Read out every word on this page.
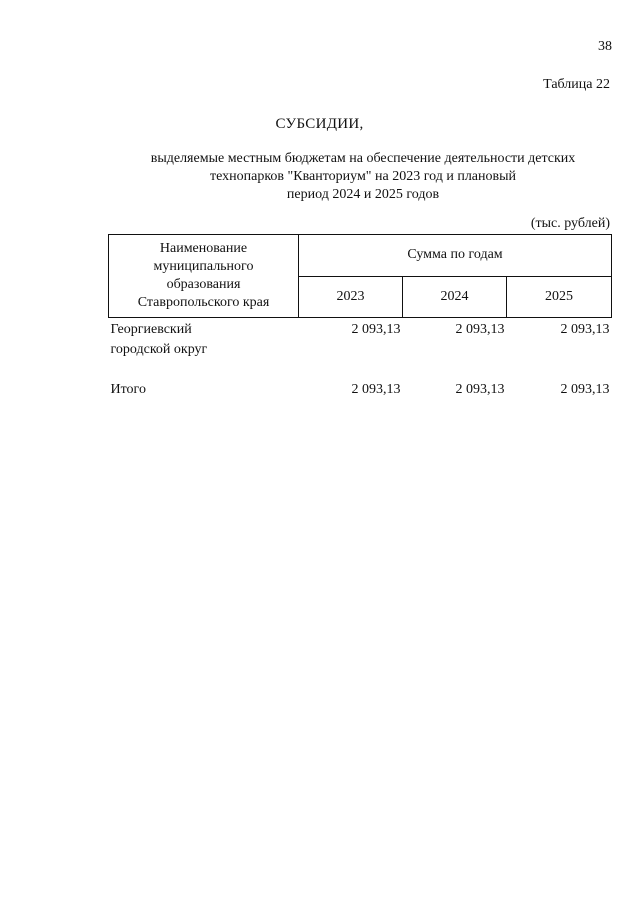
38
Таблица 22
СУБСИДИИ,
выделяемые местным бюджетам на обеспечение деятельности детских
технопарков "Кванториум" на 2023 год и плановый
период 2024 и 2025 годов
(тыс. рублей)
Наименование
муниципального
образования
Ставропольского края	Сумма по годам		
	2023	2024	2025

Георгиевский
городской округ	2 093,13	2 093,13	2 093,13
Итого	2 093,13	2 093,13	2 093,13
